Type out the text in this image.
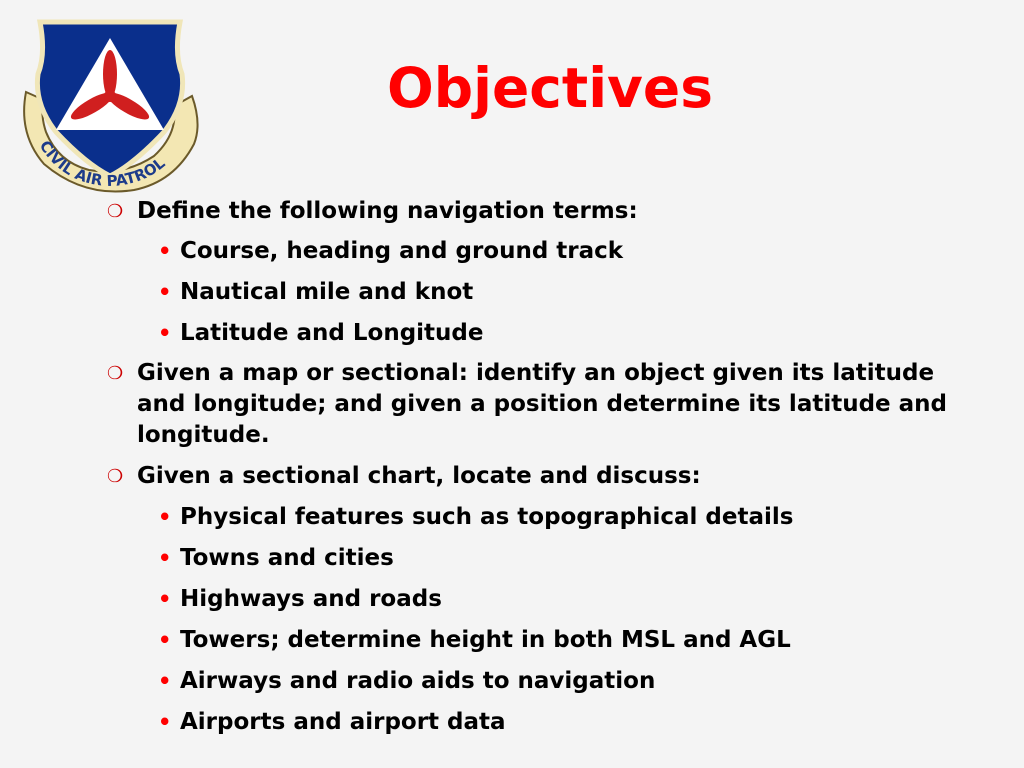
CIVIL AIR PATROL
Objectives
❍ Define the following navigation terms:
• Course, heading and ground track
• Nautical mile and knot
• Latitude and Longitude
❍ Given a map or sectional: identify an object given its latitude and longitude; and given a position determine its latitude and longitude.
❍ Given a sectional chart, locate and discuss:
• Physical features such as topographical details
• Towns and cities
• Highways and roads
• Towers; determine height in both MSL and AGL
• Airways and radio aids to navigation
• Airports and airport data
